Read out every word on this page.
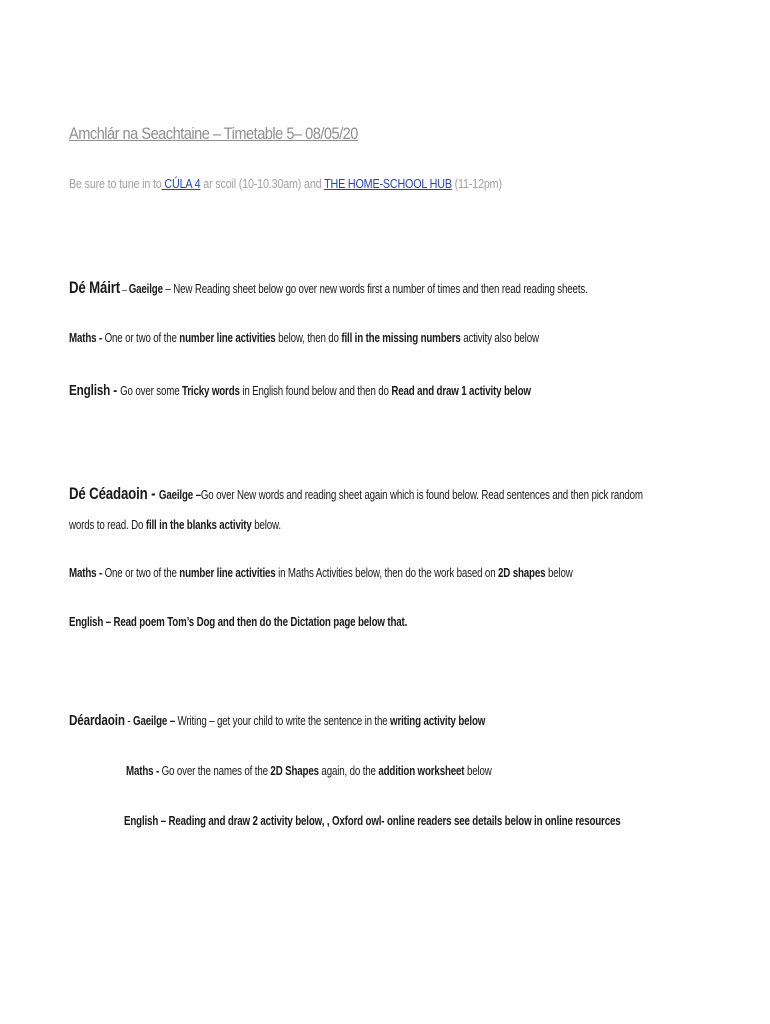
Amchlár na Seachtaine – Timetable 5– 08/05/20
Be sure to tune in to CÚLA 4 ar scoil (10-10.30am) and THE HOME-SCHOOL HUB (11-12pm)
Dé Máirt – Gaeilge – New Reading sheet below go over new words first a number of times and then read reading sheets.
Maths - One or two of the number line activities below, then do fill in the missing numbers activity also below
English - Go over some Tricky words in English found below and then do Read and draw 1 activity below
Dé Céadaoin - Gaeilge –Go over New words and reading sheet again which is found below. Read sentences and then pick random
words to read. Do fill in the blanks activity below.
Maths - One or two of the number line activities in Maths Activities below, then do the work based on 2D shapes below
English – Read poem Tom’s Dog and then do the Dictation page below that.
Déardaoin - Gaeilge – Writing – get your child to write the sentence in the writing activity below
Maths - Go over the names of the 2D Shapes again, do the addition worksheet below
English – Reading and draw 2 activity below, , Oxford owl- online readers see details below in online resources
